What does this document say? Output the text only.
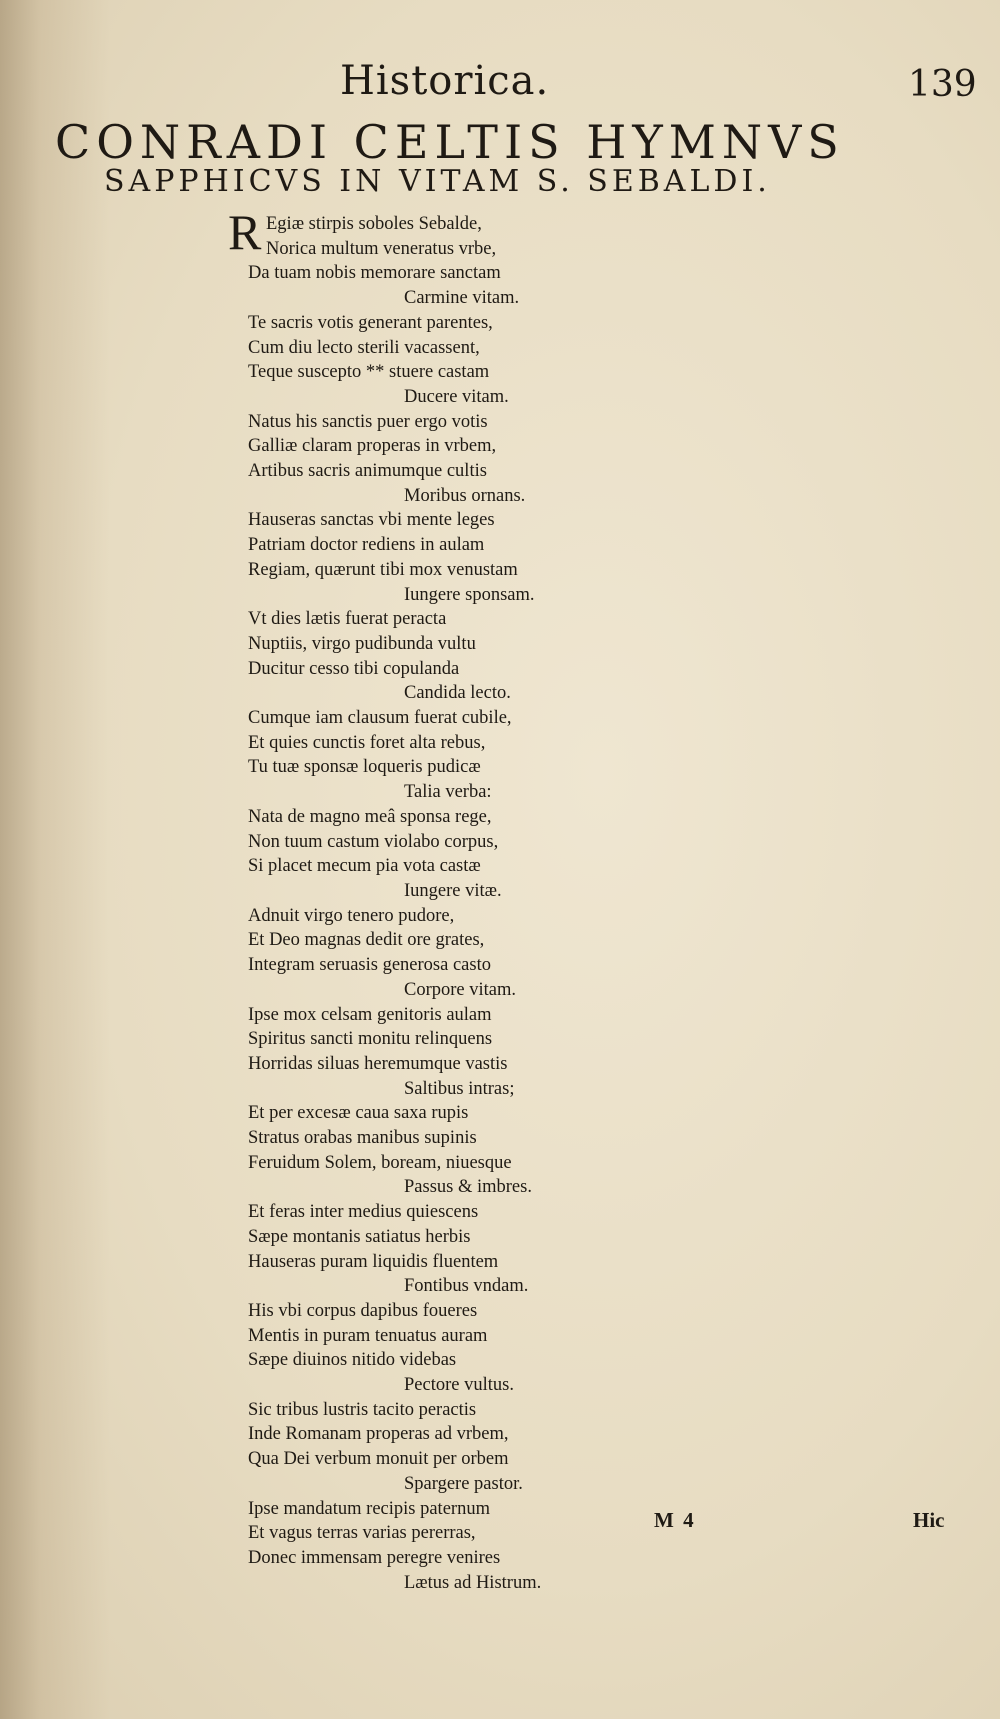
Historica.	139
CONRADI CELTIS HYMNVS
SAPPHICVS IN VITAM S. SEBALDI.
R Egiæ stirpis soboles Sebalde,
Norica multum veneratus vrbe,
Da tuam nobis memorare sanctam
Carmine vitam.
Te sacris votis generant parentes,
Cum diu lecto sterili vacassent,
Teque suscepto ** stuere castam
Ducere vitam.
Natus his sanctis puer ergo votis
Galliæ claram properas in vrbem,
Artibus sacris animumque cultis
Moribus ornans.
Hauseras sanctas vbi mente leges
Patriam doctor rediens in aulam
Regiam, quærunt tibi mox venustam
Iungere sponsam.
Vt dies lætis fuerat peracta
Nuptiis, virgo pudibunda vultu
Ducitur cesso tibi copulanda
Candida lecto.
Cumque iam clausum fuerat cubile,
Et quies cunctis foret alta rebus,
Tu tuæ sponsæ loqueris pudicæ
Talia verba:
Nata de magno meâ sponsa rege,
Non tuum castum violabo corpus,
Si placet mecum pia vota castæ
Iungere vitæ.
Adnuit virgo tenero pudore,
Et Deo magnas dedit ore grates,
Integram seruasis generosa casto
Corpore vitam.
Ipse mox celsam genitoris aulam
Spiritus sancti monitu relinquens
Horridas siluas heremumque vastis
Saltibus intras;
Et per excesæ caua saxa rupis
Stratus orabas manibus supinis
Feruidum Solem, boream, niuesque
Passus & imbres.
Et feras inter medius quiescens
Sæpe montanis satiatus herbis
Hauseras puram liquidis fluentem
Fontibus vndam.
His vbi corpus dapibus foueres
Mentis in puram tenuatus auram
Sæpe diuinos nitido videbas
Pectore vultus.
Sic tribus lustris tacito peractis
Inde Romanam properas ad vrbem,
Qua Dei verbum monuit per orbem
Spargere pastor.
Ipse mandatum recipis paternum
Et vagus terras varias pererras,
Donec immensam peregre venires
Lætus ad Histrum.
M 4	Hic
